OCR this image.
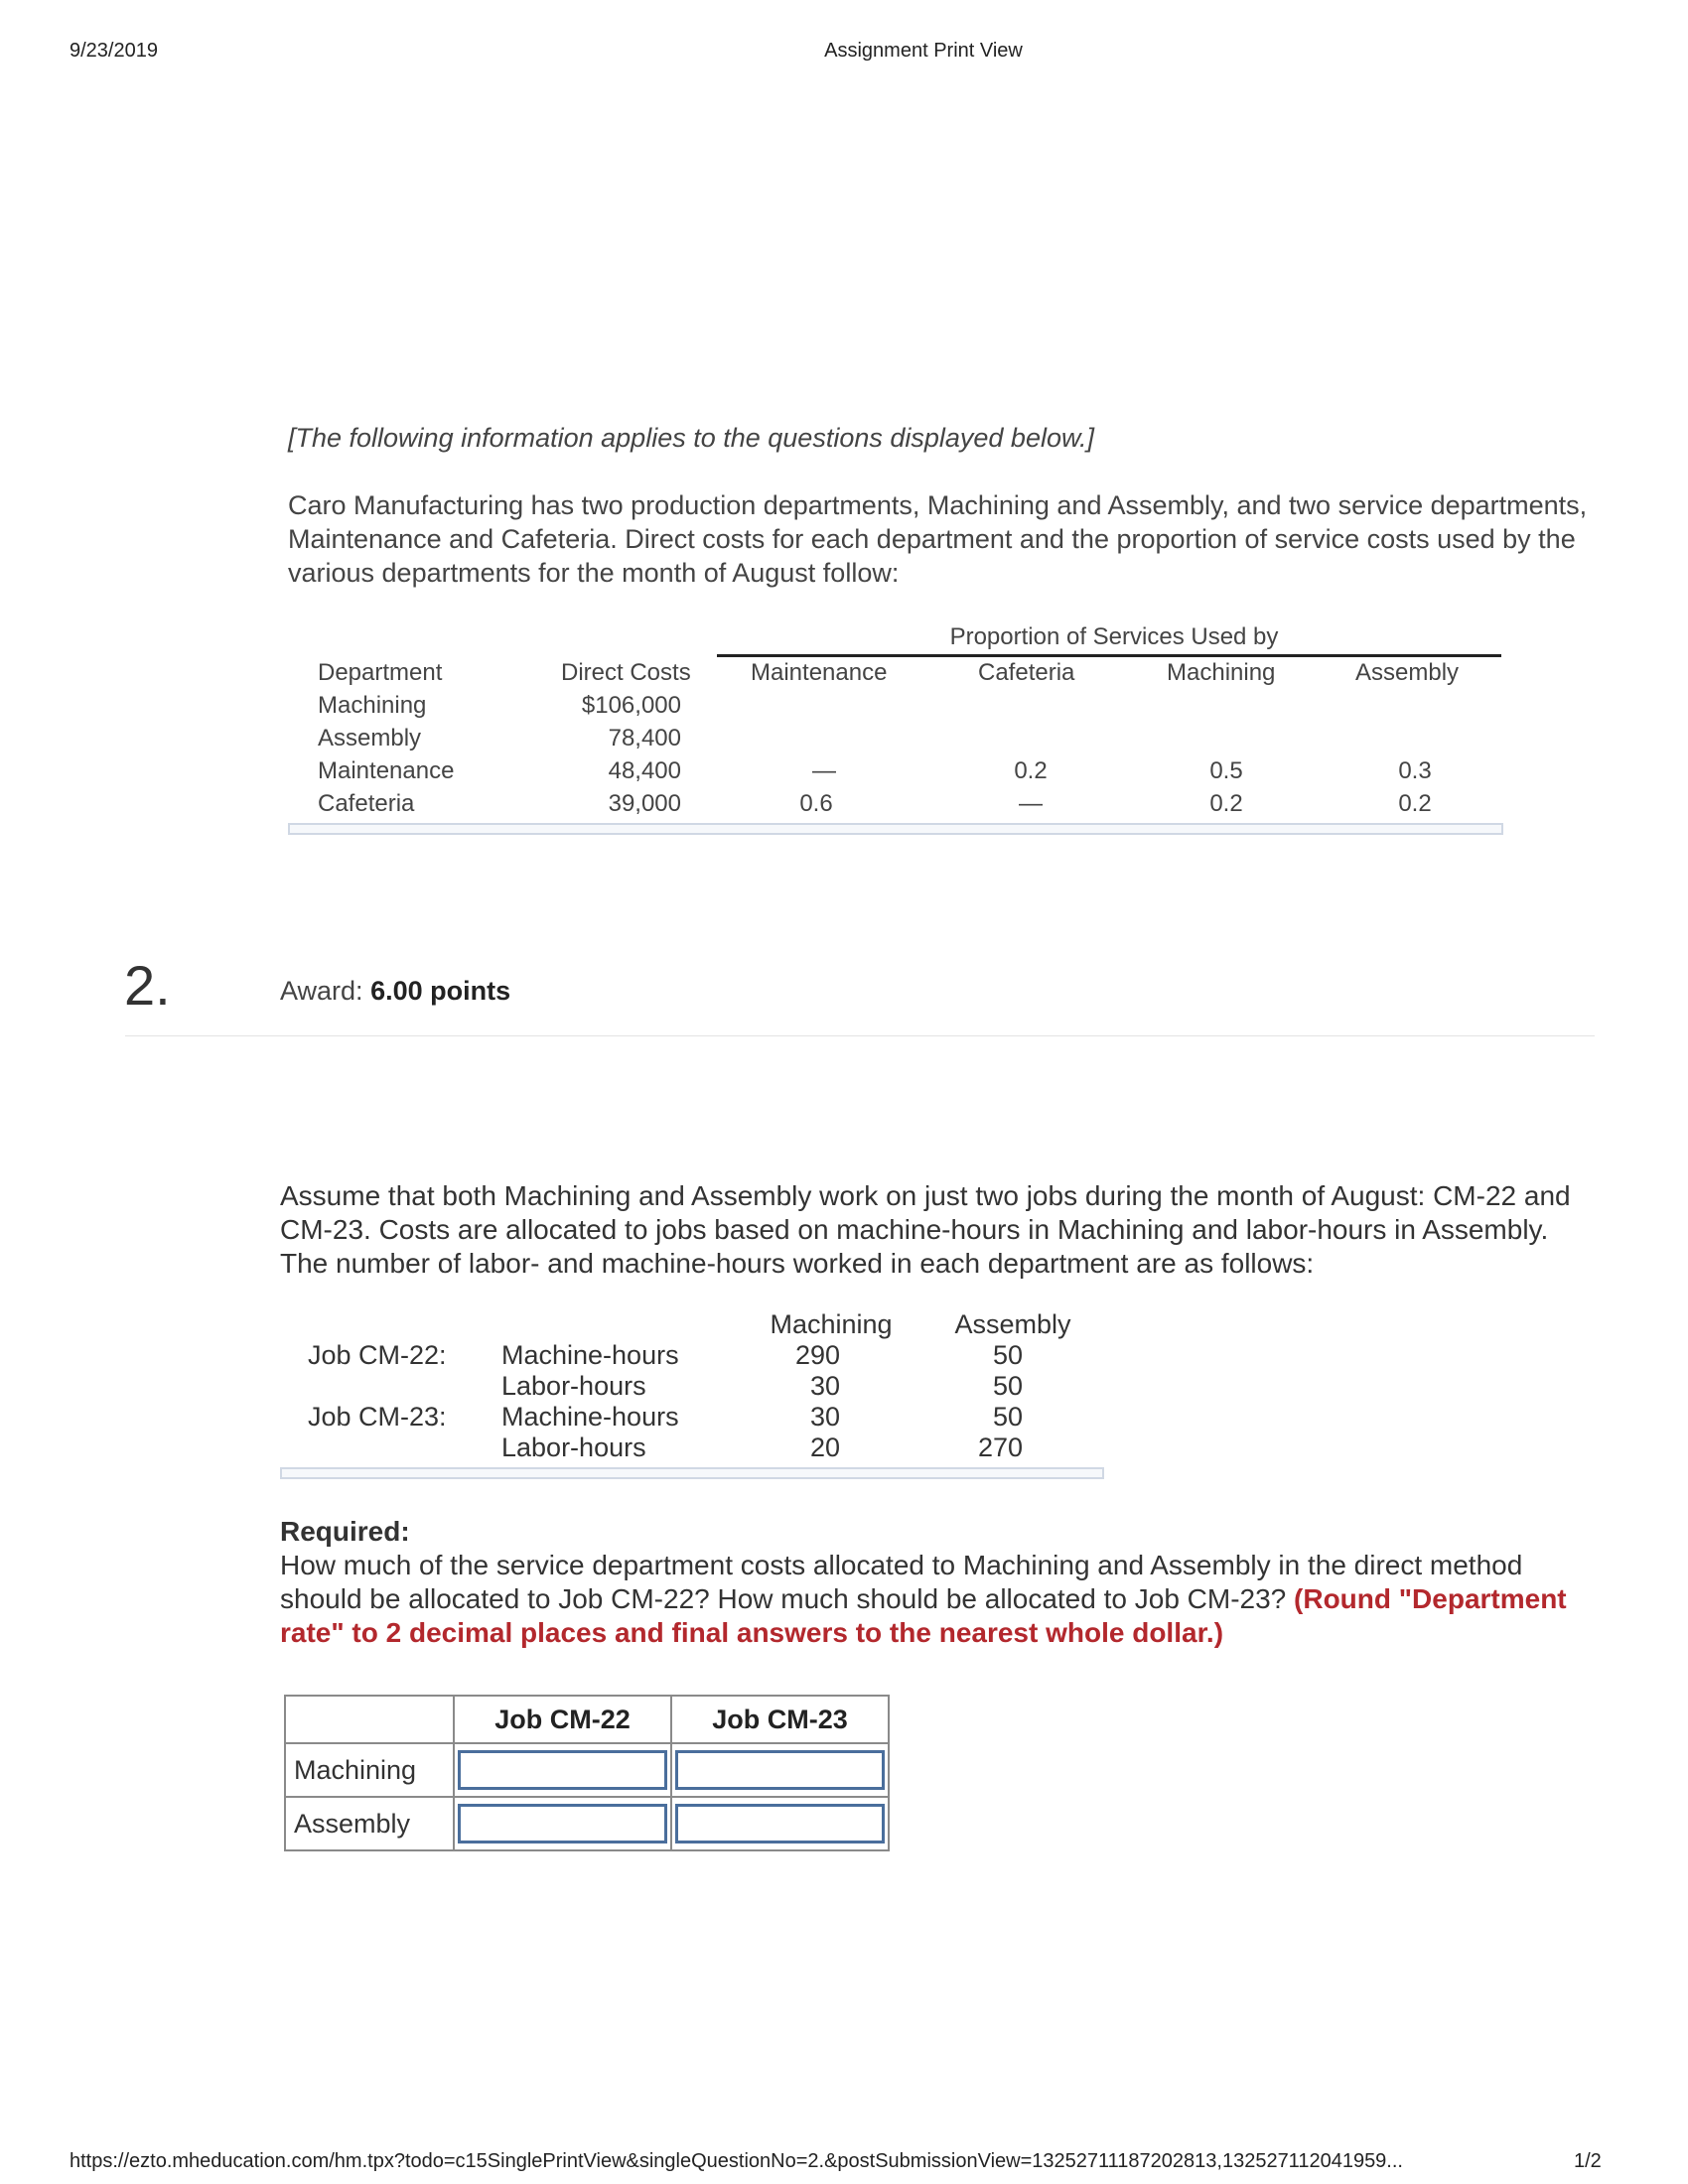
9/23/2019	Assignment Print View
[The following information applies to the questions displayed below.]
Caro Manufacturing has two production departments, Machining and Assembly, and two service departments, Maintenance and Cafeteria. Direct costs for each department and the proportion of service costs used by the various departments for the month of August follow:
Proportion of Services Used by
Department	Direct Costs	Maintenance	Cafeteria	Machining	Assembly
Machining	$106,000
Assembly	78,400
Maintenance	48,400	—	0.2	0.5	0.3
Cafeteria	39,000	0.6	—	0.2	0.2
2.	Award: 6.00 points
Assume that both Machining and Assembly work on just two jobs during the month of August: CM-22 and CM-23. Costs are allocated to jobs based on machine-hours in Machining and labor-hours in Assembly. The number of labor- and machine-hours worked in each department are as follows:
Machining Assembly
Job CM-22: Machine-hours	290	50
Labor-hours	30	50
Job CM-23: Machine-hours	30	50
Labor-hours	20	270
Required:
How much of the service department costs allocated to Machining and Assembly in the direct method should be allocated to Job CM-22? How much should be allocated to Job CM-23? (Round "Department rate" to 2 decimal places and final answers to the nearest whole dollar.)
	Job CM-22	Job CM-23
Machining		
Assembly		
https://ezto.mheducation.com/hm.tpx?todo=c15SinglePrintView&singleQuestionNo=2.&postSubmissionView=13252711187202813,13252711204195​9...	1/2
